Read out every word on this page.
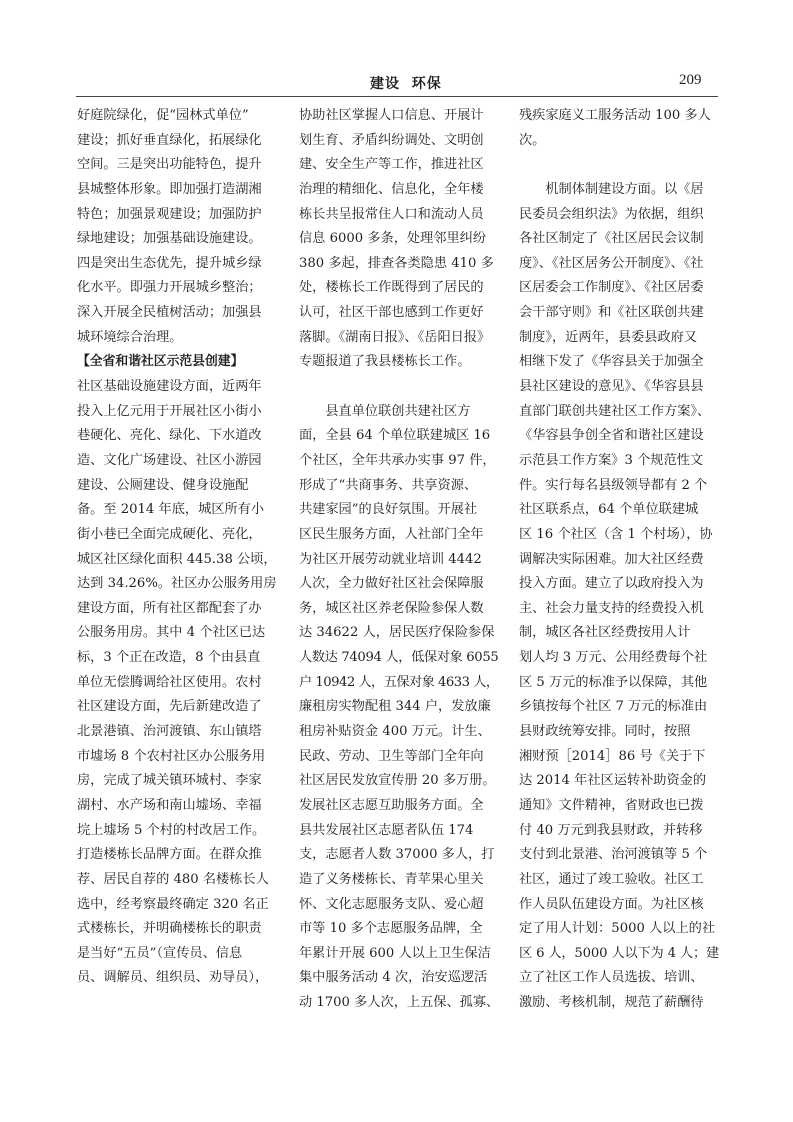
建设  环保	209
好庭院绿化，促“园林式单位”
建设；抓好垂直绿化，拓展绿化
空间。三是突出功能特色，提升
县城整体形象。即加强打造湖湘
特色；加强景观建设；加强防护
绿地建设；加强基础设施建设。
四是突出生态优先，提升城乡绿
化水平。即强力开展城乡整治；
深入开展全民植树活动；加强县
城环境综合治理。
【全省和谐社区示范县创建】
社区基础设施建设方面，近两年
投入上亿元用于开展社区小街小
巷硬化、亮化、绿化、下水道改
造、文化广场建设、社区小游园
建设、公厕建设、健身设施配
备。至 2014 年底，城区所有小
街小巷已全面完成硬化、亮化，
城区社区绿化面积 445.38 公顷，
达到 34.26%。社区办公服务用房
建设方面，所有社区都配套了办
公服务用房。其中 4 个社区已达
标，3 个正在改造，8 个由县直
单位无偿腾调给社区使用。农村
社区建设方面，先后新建改造了
北景港镇、治河渡镇、东山镇塔
市墟场 8 个农村社区办公服务用
房，完成了城关镇环城村、李家
湖村、水产场和南山墟场、幸福
垸上墟场 5 个村的村改居工作。
打造楼栋长品牌方面。在群众推
荐、居民自荐的 480 名楼栋长人
选中，经考察最终确定 320 名正
式楼栋长，并明确楼栋长的职责
是当好“五员”（宣传员、信息
员、调解员、组织员、劝导员），
协助社区掌握人口信息、开展计
划生育、矛盾纠纷调处、文明创
建、安全生产等工作，推进社区
治理的精细化、信息化，全年楼
栋长共呈报常住人口和流动人员
信息 6000 多条，处理邻里纠纷
380 多起，排查各类隐患 410 多
处，楼栋长工作既得到了居民的
认可，社区干部也感到工作更好
落脚。《湖南日报》、《岳阳日报》
专题报道了我县楼栋长工作。
　　县直单位联创共建社区方
面，全县 64 个单位联建城区 16
个社区，全年共承办实事 97 件，
形成了“共商事务、共享资源、
共建家园”的良好氛围。开展社
区民生服务方面，人社部门全年
为社区开展劳动就业培训 4442
人次，全力做好社区社会保障服
务，城区社区养老保险参保人数
达 34622 人，居民医疗保险参保
人数达 74094 人，低保对象 6055
户 10942 人，五保对象 4633 人，
廉租房实物配租 344 户，发放廉
租房补贴资金 400 万元。计生、
民政、劳动、卫生等部门全年向
社区居民发放宣传册 20 多万册。
发展社区志愿互助服务方面。全
县共发展社区志愿者队伍 174
支，志愿者人数 37000 多人，打
造了义务楼栋长、青苹果心里关
怀、文化志愿服务支队、爱心超
市等 10 多个志愿服务品牌，全
年累计开展 600 人以上卫生保洁
集中服务活动 4 次，治安巡逻活
动 1700 多人次，上五保、孤寡、
残疾家庭义工服务活动 100 多人
次。
　　机制体制建设方面。以《居
民委员会组织法》为依据，组织
各社区制定了《社区居民会议制
度》、《社区居务公开制度》、《社
区居委会工作制度》、《社区居委
会干部守则》和《社区联创共建
制度》，近两年，县委县政府又
相继下发了《华容县关于加强全
县社区建设的意见》、《华容县县
直部门联创共建社区工作方案》、
《华容县争创全省和谐社区建设
示范县工作方案》3 个规范性文
件。实行每名县级领导都有 2 个
社区联系点，64 个单位联建城
区 16 个社区（含 1 个村场），协
调解决实际困难。加大社区经费
投入方面。建立了以政府投入为
主、社会力量支持的经费投入机
制，城区各社区经费按用人计
划人均 3 万元、公用经费每个社
区 5 万元的标准予以保障，其他
乡镇按每个社区 7 万元的标准由
县财政统筹安排。同时，按照
湘财预［2014］86 号《关于下
达 2014 年社区运转补助资金的
通知》文件精神，省财政也已拨
付 40 万元到我县财政，并转移
支付到北景港、治河渡镇等 5 个
社区，通过了竣工验收。社区工
作人员队伍建设方面。为社区核
定了用人计划：5000 人以上的社
区 6 人，5000 人以下为 4 人；建
立了社区工作人员选拔、培训、
激励、考核机制，规范了薪酬待
